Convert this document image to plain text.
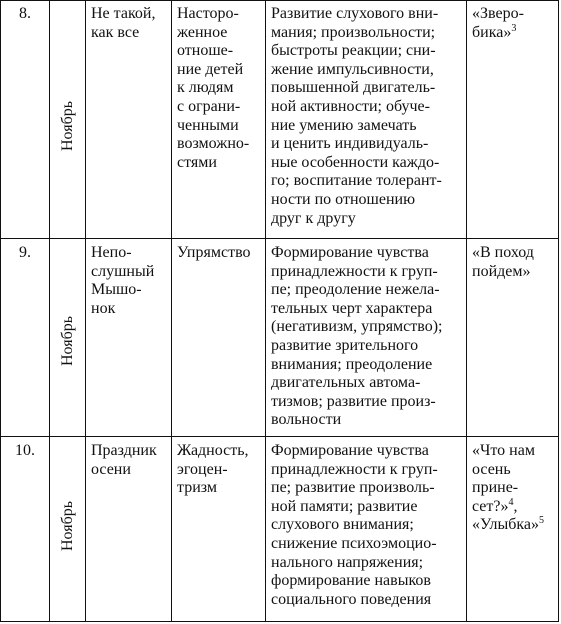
8.
Ноябрь
Не такой,
как все
Насторо-
женное
отноше-
ние детей
к людям
с ограни-
ченными
возможно-
стями
Развитие слухового вни-
мания; произвольности;
быстроты реакции; сни-
жение импульсивности,
повышенной двигатель-
ной активности; обуче-
ние умению замечать
и ценить индивидуаль-
ные особенности каждо-
го; воспитание толерант-
ности по отношению
друг к другу
«Зверо-
бика»$^3$
9.
Ноябрь
Непо-
слушный
Мышо-
нок
Упрямство	Формирование чувства
принадлежности к груп-
пе; преодоление нежела-
тельных черт характера
(негативизм, упрямство);
развитие зрительного
внимания; преодоление
двигательных автома-
тизмов; развитие произ-
вольности
«В поход
пойдем»
10.
Ноябрь
Праздник
осени
Жадность,
эгоцен-
тризм
Формирование чувства
принадлежности к груп-
пе; развитие произволь-
ной памяти; развитие
слухового внимания;
снижение психоэмоцио-
нального напряжения;
формирование навыков
социального поведения
«Что нам
осень
прине-
сет?»$^4$,
«Улыбка»$^5$
